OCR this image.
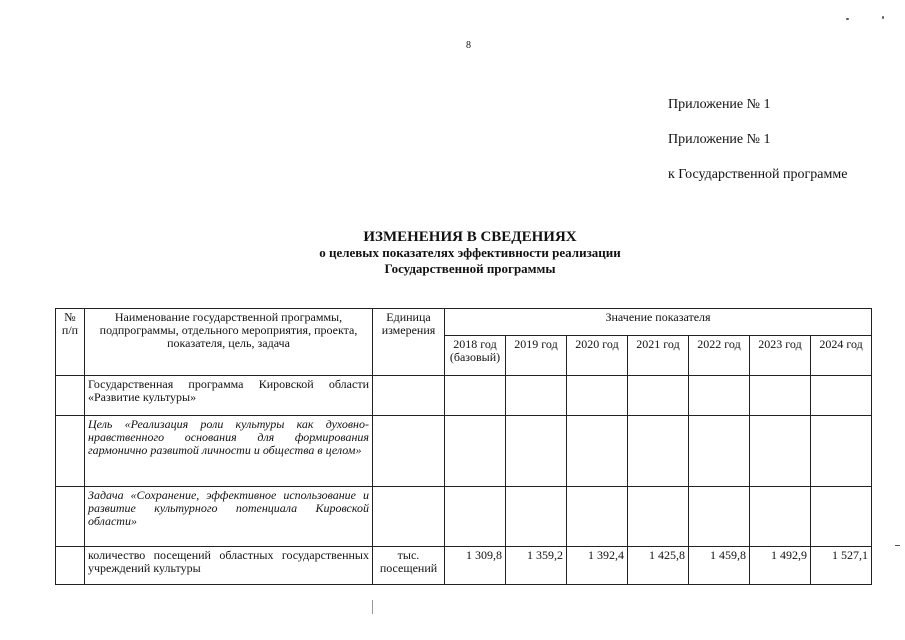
8
Приложение № 1
Приложение № 1
к Государственной программе
ИЗМЕНЕНИЯ В СВЕДЕНИЯХ
о целевых показателях эффективности реализации
Государственной программы
№ п/п	Наименование государственной программы, подпрограммы, отдельного мероприятия, проекта, показателя, цель, задача	Единица измерения	Значение показателя						
			2018 год (базовый)	2019 год	2020 год	2021 год	2022 год	2023 год	2024 год
	Государственная программа Кировской области «Развитие культуры»								
	Цель «Реализация роли культуры как духовно-нравственного основания для формирования гармонично развитой личности и общества в целом»								
	Задача «Сохранение, эффективное использование и развитие культурного потенциала Кировской области»								
	количество посещений областных государственных учреждений культуры	тыс. посещений	1 309,8	1 359,2	1 392,4	1 425,8	1 459,8	1 492,9	1 527,1
